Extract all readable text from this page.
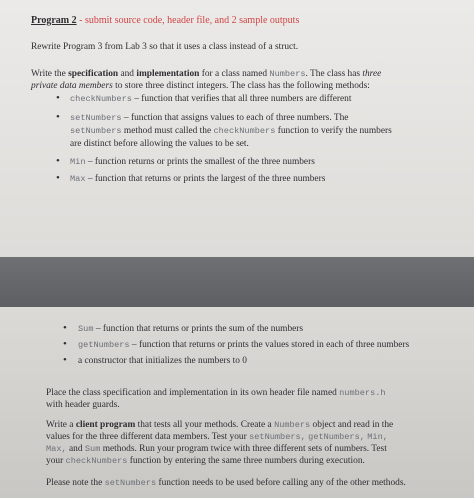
Program 2 - submit source code, header file, and 2 sample outputs
Rewrite Program 3 from Lab 3 so that it uses a class instead of a struct.
Write the specification and implementation for a class named Numbers. The class has three
private data members to store three distinct integers. The class has the following methods:
• checkNumbers – function that verifies that all three numbers are different
• setNumbers – function that assigns values to each of three numbers. The
setNumbers method must called the checkNumbers function to verify the numbers
are distinct before allowing the values to be set.
• Min – function returns or prints the smallest of the three numbers
• Max – function that returns or prints the largest of the three numbers
• Sum – function that returns or prints the sum of the numbers
• getNumbers – function that returns or prints the values stored in each of three numbers
• a constructor that initializes the numbers to 0
Place the class specification and implementation in its own header file named numbers.h
with header guards.
Write a client program that tests all your methods. Create a Numbers object and read in the
values for the three different data members. Test your setNumbers, getNumbers, Min,
Max, and Sum methods. Run your program twice with three different sets of numbers. Test
your checkNumbers function by entering the same three numbers during execution.
Please note the setNumbers function needs to be used before calling any of the other methods.
